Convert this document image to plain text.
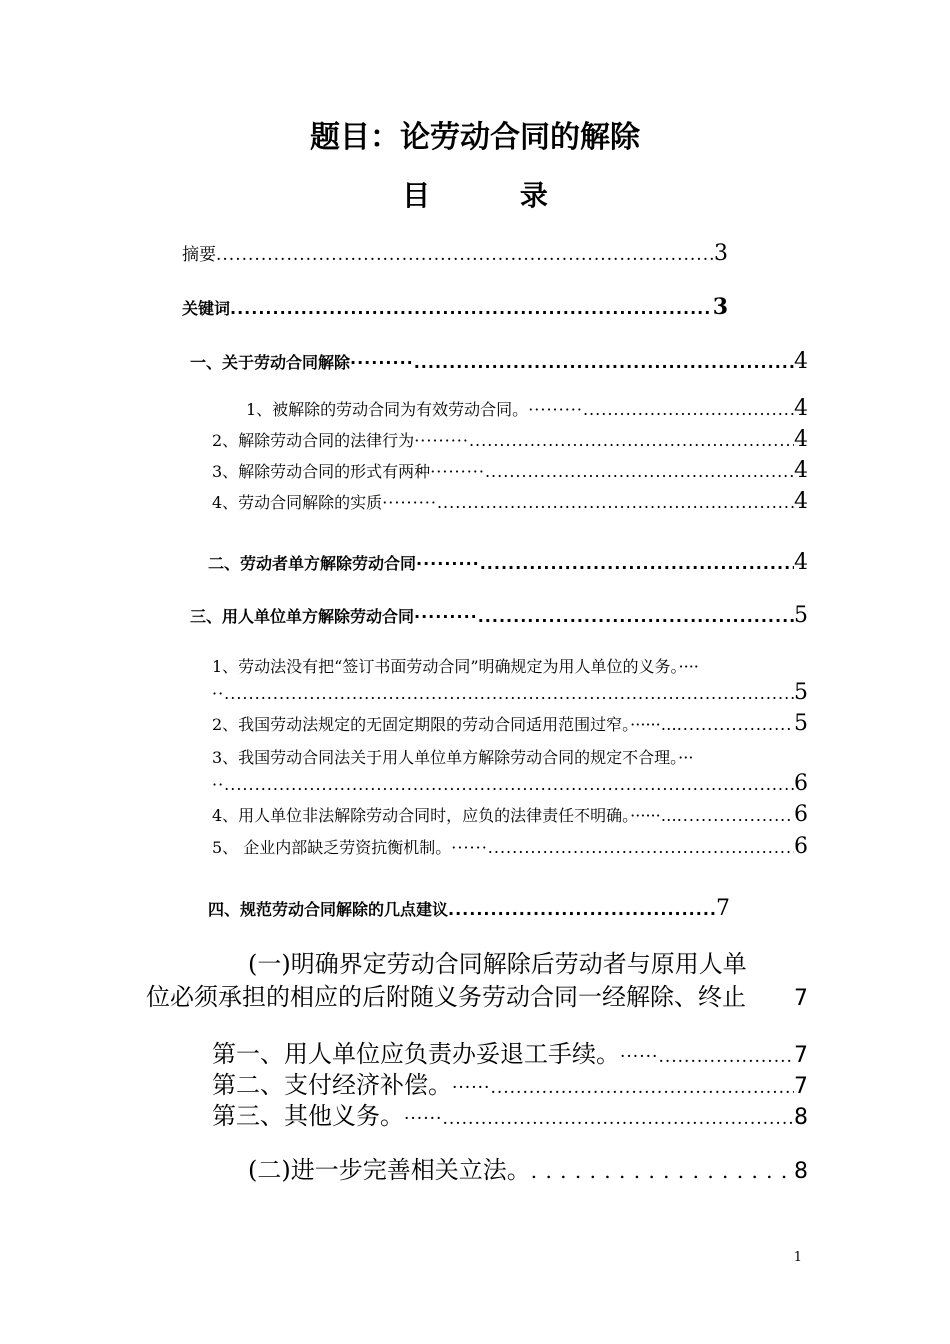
题目：论劳动合同的解除
目 录
摘要 .....	3
关键词 .....	3
一、关于劳动合同解除 ········· .....	4
1、被解除的劳动合同为有效劳动合同。 ········· .....	4
2、解除劳动合同的法律行为 ········· .....	4
3、解除劳动合同的形式有两种 ········· .....	4
4、劳动合同解除的实质 ········· .....	4
二、劳动者单方解除劳动合同 ········· .....	4
三、用人单位单方解除劳动合同 ········· .....	5
1、劳动法没有把“签订书面劳动合同”明确规定为用人单位的义务。····
·· .....	5
2、我国劳动法规定的无固定期限的劳动合同适用范围过窄。······… .....	5
3、我国劳动合同法关于用人单位单方解除劳动合同的规定不合理。···
·· .....	6
4、用人单位非法解除劳动合同时，应负的法律责任不明确。······… .....	6
5、 企业内部缺乏劳资抗衡机制。 ······ .....	6
四、规范劳动合同解除的几点建议 .....	7
(一)明确界定劳动合同解除后劳动者与原用人单
位必须承担的相应的后附随义务劳动合同一经解除、终止 7
第一、用人单位应负责办妥退工手续。 ······ .....	7
第二、支付经济补偿。 ······ .....	7
第三、其他义务。 ······ .....	8
(二)进一步完善相关立法。 . . .	8
1
